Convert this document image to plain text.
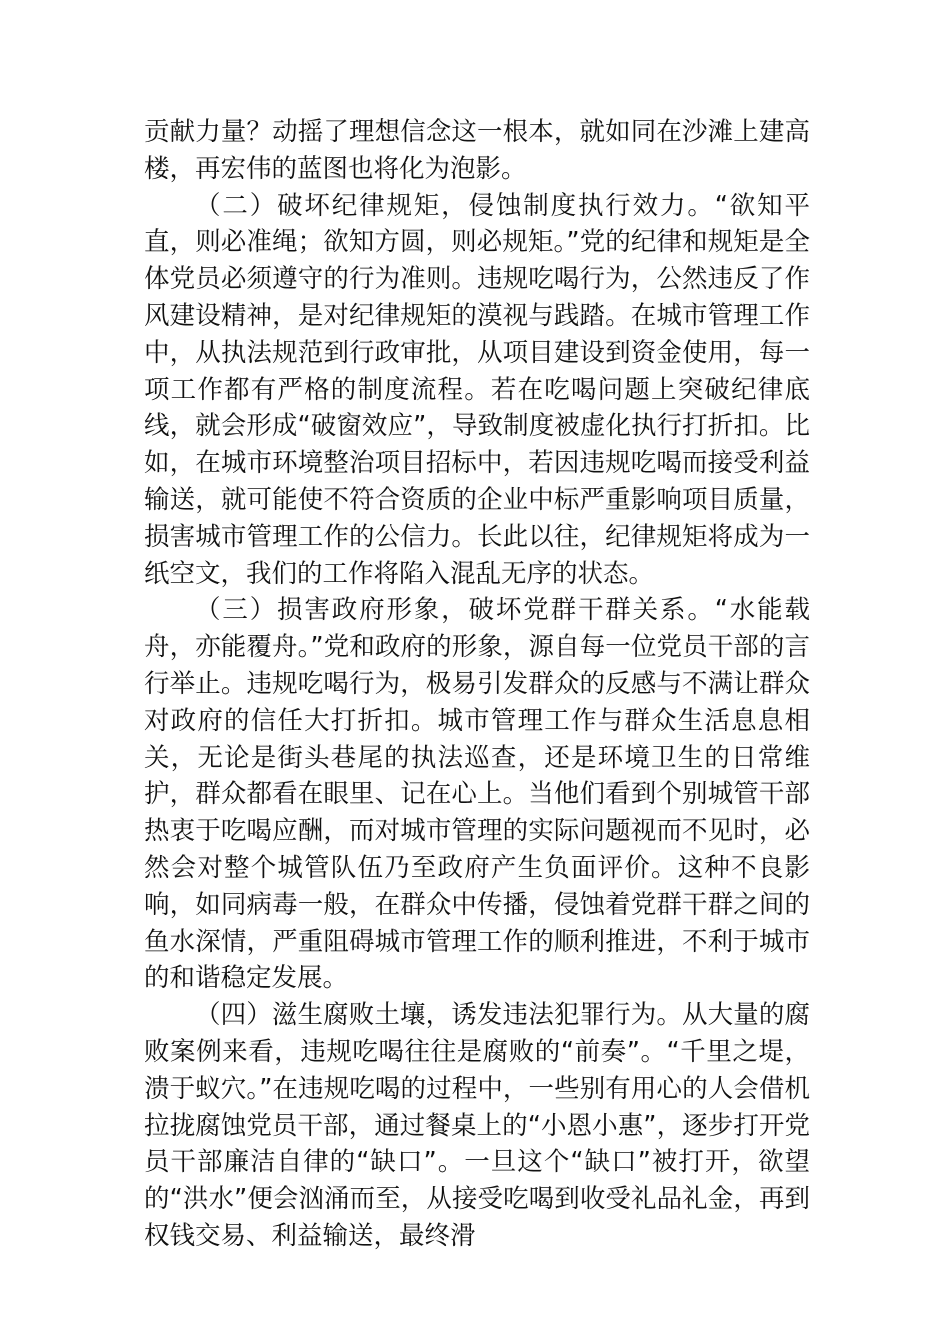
贡献力量？动摇了理想信念这一根本，就如同在沙滩上建高楼，再宏伟的蓝图也将化为泡影。

（二）破坏纪律规矩，侵蚀制度执行效力。“欲知平直，则必准绳；欲知方圆，则必规矩。”党的纪律和规矩是全体党员必须遵守的行为准则。违规吃喝行为，公然违反了作风建设精神，是对纪律规矩的漠视与践踏。在城市管理工作中，从执法规范到行政审批，从项目建设到资金使用，每一项工作都有严格的制度流程。若在吃喝问题上突破纪律底线，就会形成“破窗效应”，导致制度被虚化执行打折扣。比如，在城市环境整治项目招标中，若因违规吃喝而接受利益输送，就可能使不符合资质的企业中标严重影响项目质量，损害城市管理工作的公信力。长此以往，纪律规矩将成为一纸空文，我们的工作将陷入混乱无序的状态。

（三）损害政府形象，破坏党群干群关系。“水能载舟，亦能覆舟。”党和政府的形象，源自每一位党员干部的言行举止。违规吃喝行为，极易引发群众的反感与不满让群众对政府的信任大打折扣。城市管理工作与群众生活息息相关，无论是街头巷尾的执法巡查，还是环境卫生的日常维护，群众都看在眼里、记在心上。当他们看到个别城管干部热衷于吃喝应酬，而对城市管理的实际问题视而不见时，必然会对整个城管队伍乃至政府产生负面评价。这种不良影响，如同病毒一般，在群众中传播，侵蚀着党群干群之间的鱼水深情，严重阻碍城市管理工作的顺利推进，不利于城市的和谐稳定发展。

（四）滋生腐败土壤，诱发违法犯罪行为。从大量的腐败案例来看，违规吃喝往往是腐败的“前奏”。“千里之堤，溃于蚁穴。”在违规吃喝的过程中，一些别有用心的人会借机拉拢腐蚀党员干部，通过餐桌上的“小恩小惠”，逐步打开党员干部廉洁自律的“缺口”。一旦这个“缺口”被打开，欲望的“洪水”便会汹涌而至，从接受吃喝到收受礼品礼金，再到权钱交易、利益输送，最终滑
